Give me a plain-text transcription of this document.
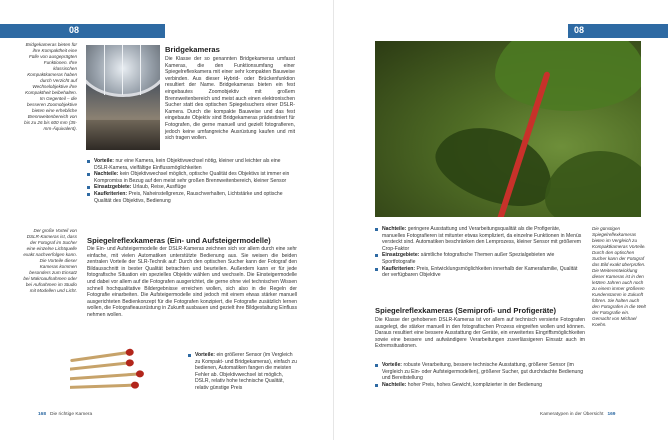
08
Bridgekameras bieten für ihre Kompaktheit eine Fülle von ausgeprägten Funktionen. Ihre klassischen Kompaktkameras haben durch Verzicht auf Wechselobjektive ihre Kompaktheit beibehalten. Im Gegenteil – die besseren Zoomobjektive bieten eine erhebliche Brennweitenbereich von bis zu 26 bis 600 mm (35-mm-Äquivalent).
Bridgekameras
Die Klasse der so genannten Bridgekameras umfasst Kameras, die den Funktionsumfang einer Spiegelreflexkamera mit einer sehr kompakten Bauweise verbinden. Aus dieser Hybrid- oder Brückenfunktion resultiert der Name. Bridgekameras bieten ein fest eingebautes Zoomobjektiv mit großem Brennweitenbereich und meist auch einen elektronischen Sucher statt des optischen Spiegelsuchers einer DSLR-Kamera. Durch die kompakte Bauweise und das fest eingebaute Objektiv sind Bridgekameras prädestiniert für Fotografen, die gerne manuell und gezielt fotografieren, jedoch keine umfangreiche Ausrüstung kaufen und mit sich tragen wollen.
Vorteile: nur eine Kamera, kein Objektivwechsel nötig, kleiner und leichter als eine DSLR-Kamera, vielfältige Einflussmöglichkeiten
Nachteile: kein Objektivwechsel möglich, optische Qualität des Objektivs ist immer ein Kompromiss in Bezug auf den meist sehr großen Brennweitenbereich, kleiner Sensor
Einsatzgebiete: Urlaub, Reise, Ausflüge
Kaufkriterien: Preis, Naheinstellgrenze, Rauschverhalten, Lichtstärke und optische Qualität des Objektivs, Bedienung
Der große Vorteil von DSLR-Kameras ist, dass der Fotograf im Sucher eine einzelne Lichtquelle exakt nachverfolgen kann. Die Vorteile dieser Kameras kommen besonders zum Einsatz bei Makroaufnahmen oder bei Aufnahmen im Studio mit Modellen und Licht.
Spiegelreflexkameras (Ein- und Aufsteigermodelle)
Die Ein- und Aufsteigermodelle der DSLR-Kameras zeichnen sich vor allem durch eine sehr einfache, mit vielen Automatiken unterstützte Bedienung aus. Sie weisen die beiden zentralen Vorteile der SLR-Technik auf: Durch den optischen Sucher kann der Fotograf den Bildausschnitt in bester Qualität betrachten und beurteilen. Außerdem kann er für jede fotografische Situation ein spezielles Objektiv wählen und wechseln. Die Einsteigermodelle und dabei vor allem auf die Fotografen ausgerichtet, die gerne ohne viel technischen Wissen schnell hochqualitative Bildergebnisse erreichen wollen, sich also in die Regeln der Fotografie einarbeiten. Die Aufsteigermodelle sind jedoch mit einem etwas stärker manuell ausgerichteten Bedienkonzept für die Fotografen konzipiert, die Fotografie zusätzlich lernen wollen, die Fotografieausrüstung in Zukunft ausbauen und gezielt ihre Bildgestaltung Einfluss nehmen wollen.
Vorteile: ein größerer Sensor (im Vergleich zu Kompakt- und Bridgekameras), einfach zu bedienen, Automatiken fangen die meisten Fehler ab. Objektivwechsel ist möglich, DSLR, relativ hohe technische Qualität, relativ günstige Preis
168 Die richtige Kamera
08
Nachteile: geringere Ausstattung und Verarbeitungsqualität als die Profigeräte, manuelles Fotografieren ist mitunter etwas kompliziert, da einzelne Funktionen in Menüs versteckt sind. Automatiken beschränken den Lernprozess, kleiner Sensor mit größerem Crop-Faktor
Einsatzgebiete: sämtliche fotografische Themen außer Spezialgebieten wie Sportfotografie
Kaufkriterien: Preis, Entwicklungsmöglichkeiten innerhalb der Kamerafamilie, Qualität der verfügbaren Objektive
Die günstigen Spiegelreflexkameras bieten im Vergleich zu Kompaktkameras Vorteile. Durch den optischen Sucher kann der Fotograf das Bild exakt überprüfen. Die Weiterentwicklung dieser Kameras ist in den letzten Jahren auch noch zu einem immer größeren Kundenstamm in Zukunft führen. Sie halten auch den Fotografen in die Welt der Fotografie ein. Gemacht von Michael Koehn.
Spiegelreflexkameras (Semiprofi- und Profigeräte)
Die Klasse der gehobenen DSLR-Kameras ist vor allem auf technisch versierte Fotografen ausgelegt, die stärker manuell in den fotografischen Prozess eingreifen wollen und können. Daraus resultiert eine bessere Ausstattung der Geräte, ein erweitertes Eingriffsmöglichkeiten sowie eine bessere und aufwändigere Verarbeitungen zuverlässigeren Einsatz auch im Extremsituationen.
Vorteile: robuste Verarbeitung, bessere technische Ausstattung, größerer Sensor (im Vergleich zu Ein- oder Aufsteigermodellen), größerer Sucher, gut durchdachte Bedienung und Bereitstellung
Nachteile: hoher Preis, hohes Gewicht, komplizierter in der Bedienung
Kameratypen in der Übersicht 169
